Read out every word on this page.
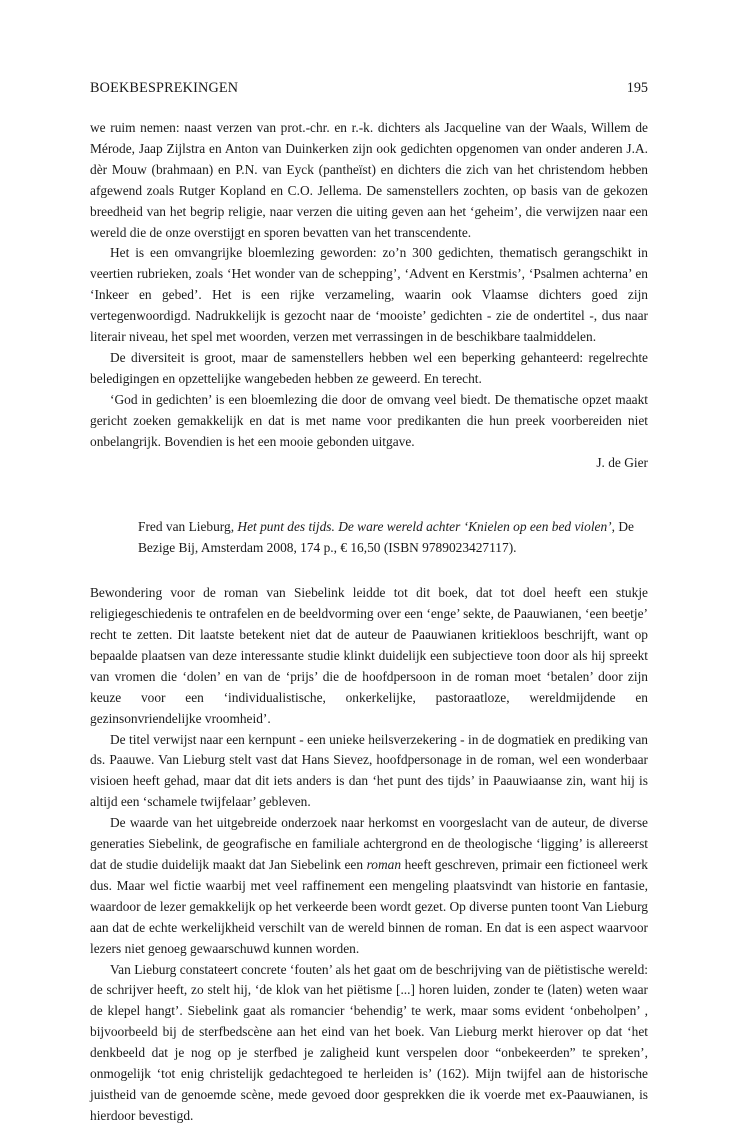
BOEKBESPREKINGEN	195

we ruim nemen: naast verzen van prot.-chr. en r.-k. dichters als Jacqueline van der Waals, Willem de Mérode, Jaap Zijlstra en Anton van Duinkerken zijn ook gedichten opgenomen van onder anderen J.A. dèr Mouw (brahmaan) en P.N. van Eyck (pantheïst) en dichters die zich van het christendom hebben afgewend zoals Rutger Kopland en C.O. Jellema. De samenstellers zochten, op basis van de gekozen breedheid van het begrip religie, naar verzen die uiting geven aan het ‘geheim’, die verwijzen naar een wereld die de onze overstijgt en sporen bevatten van het transcendente.

Het is een omvangrijke bloemlezing geworden: zo’n 300 gedichten, thematisch gerangschikt in veertien rubrieken, zoals ‘Het wonder van de schepping’, ‘Advent en Kerstmis’, ‘Psalmen achterna’ en ‘Inkeer en gebed’. Het is een rijke verzameling, waarin ook Vlaamse dichters goed zijn vertegenwoordigd. Nadrukkelijk is gezocht naar de ‘mooiste’ gedichten - zie de ondertitel -, dus naar literair niveau, het spel met woorden, verzen met verrassingen in de beschikbare taalmiddelen.

De diversiteit is groot, maar de samenstellers hebben wel een beperking gehanteerd: regelrechte beledigingen en opzettelijke wangebeden hebben ze geweerd. En terecht.

‘God in gedichten’ is een bloemlezing die door de omvang veel biedt. De thematische opzet maakt gericht zoeken gemakkelijk en dat is met name voor predikanten die hun preek voorbereiden niet onbelangrijk. Bovendien is het een mooie gebonden uitgave.

J. de Gier

Fred van Lieburg, Het punt des tijds. De ware wereld achter ‘Knielen op een bed violen’, De Bezige Bij, Amsterdam 2008, 174 p., € 16,50 (ISBN 9789023427117).

Bewondering voor de roman van Siebelink leidde tot dit boek, dat tot doel heeft een stukje religiegeschiedenis te ontrafelen en de beeldvorming over een ‘enge’ sekte, de Paauwianen, ‘een beetje’ recht te zetten. Dit laatste betekent niet dat de auteur de Paauwianen kritiekloos beschrijft, want op bepaalde plaatsen van deze interessante studie klinkt duidelijk een subjectieve toon door als hij spreekt van vromen die ‘dolen’ en van de ‘prijs’ die de hoofdpersoon in de roman moet ‘betalen’ door zijn keuze voor een ‘individualistische, onkerkelijke, pastoraatloze, wereldmijdende en gezinsonvriendelijke vroomheid’.

De titel verwijst naar een kernpunt - een unieke heilsverzekering - in de dogmatiek en prediking van ds. Paauwe. Van Lieburg stelt vast dat Hans Sievez, hoofdpersonage in de roman, wel een wonderbaar visioen heeft gehad, maar dat dit iets anders is dan ‘het punt des tijds’ in Paauwiaanse zin, want hij is altijd een ‘schamele twijfelaar’ gebleven.

De waarde van het uitgebreide onderzoek naar herkomst en voorgeslacht van de auteur, de diverse generaties Siebelink, de geografische en familiale achtergrond en de theologische ‘ligging’ is allereerst dat de studie duidelijk maakt dat Jan Siebelink een roman heeft geschreven, primair een fictioneel werk dus. Maar wel fictie waarbij met veel raffinement een mengeling plaatsvindt van historie en fantasie, waardoor de lezer gemakkelijk op het verkeerde been wordt gezet. Op diverse punten toont Van Lieburg aan dat de echte werkelijkheid verschilt van de wereld binnen de roman. En dat is een aspect waarvoor lezers niet genoeg gewaarschuwd kunnen worden.

Van Lieburg constateert concrete ‘fouten’ als het gaat om de beschrijving van de piëtistische wereld: de schrijver heeft, zo stelt hij, ‘de klok van het piëtisme [...] horen luiden, zonder te (laten) weten waar de klepel hangt’. Siebelink gaat als romancier ‘behendig’ te werk, maar soms evident ‘onbeholpen’ , bijvoorbeeld bij de sterfbedscène aan het eind van het boek. Van Lieburg merkt hierover op dat ‘het denkbeeld dat je nog op je sterfbed je zaligheid kunt verspelen door “onbekeerden” te spreken’, onmogelijk ‘tot enig christelijk gedachtegoed te herleiden is’ (162). Mijn twijfel aan de historische juistheid van de genoemde scène, mede gevoed door gesprekken die ik voerde met ex-Paauwianen, is hierdoor bevestigd.
